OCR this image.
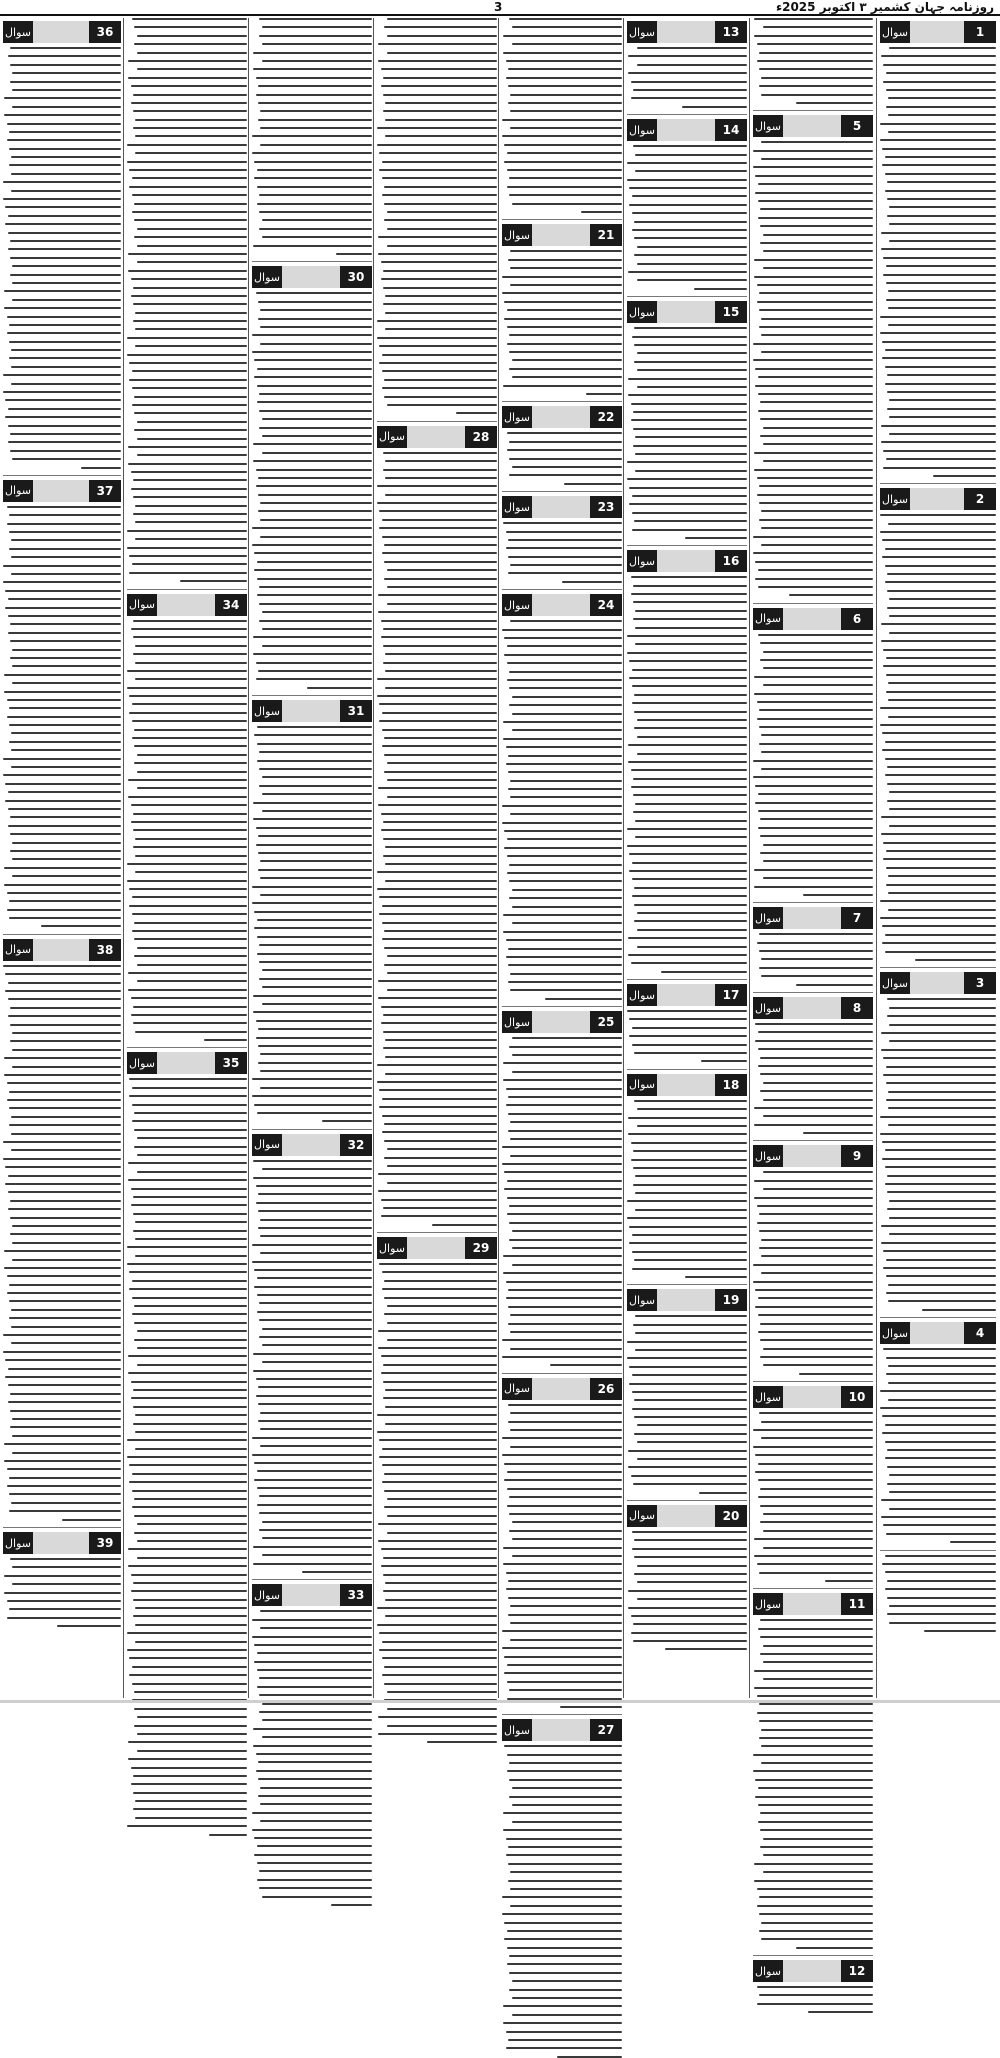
روزنامہ جہانِ کشمیر ۳ اکتوبر 2025ء
3
1
سوال
2
سوال
3
سوال
4
سوال
5
سوال
6
سوال
7
سوال
8
سوال
9
سوال
10
سوال
11
سوال
12
سوال
13
سوال
14
سوال
15
سوال
16
سوال
17
سوال
18
سوال
19
سوال
20
سوال
21
سوال
22
سوال
23
سوال
24
سوال
25
سوال
26
سوال
27
سوال
28
سوال
29
سوال
30
سوال
31
سوال
32
سوال
33
سوال
34
سوال
35
سوال
36
سوال
37
سوال
38
سوال
39
سوال
